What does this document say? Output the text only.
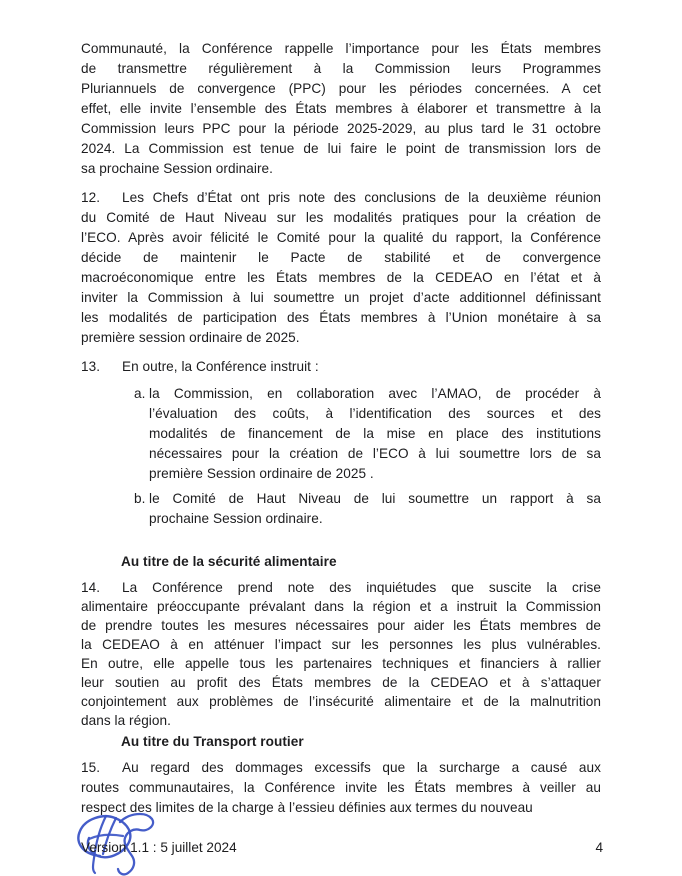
Communauté, la Conférence rappelle l’importance pour les États membres
de transmettre régulièrement à la Commission leurs Programmes
Pluriannuels de convergence (PPC) pour les périodes concernées. A cet
effet, elle invite l’ensemble des États membres à élaborer et transmettre à la
Commission leurs PPC pour la période 2025-2029, au plus tard le 31 octobre
2024. La Commission est tenue de lui faire le point de transmission lors de
sa prochaine Session ordinaire.
12. Les Chefs d’État ont pris note des conclusions de la deuxième réunion
du Comité de Haut Niveau sur les modalités pratiques pour la création de
l’ECO. Après avoir félicité le Comité pour la qualité du rapport, la Conférence
décide de maintenir le Pacte de stabilité et de convergence
macroéconomique entre les États membres de la CEDEAO en l’état et à
inviter la Commission à lui soumettre un projet d’acte additionnel définissant
les modalités de participation des États membres à l’Union monétaire à sa
première session ordinaire de 2025.
13. En outre, la Conférence instruit :
a. la Commission, en collaboration avec l’AMAO, de procéder à
l’évaluation des coûts, à l’identification des sources et des
modalités de financement de la mise en place des institutions
nécessaires pour la création de l’ECO à lui soumettre lors de sa
première Session ordinaire de 2025 .
b. le Comité de Haut Niveau de lui soumettre un rapport à sa
prochaine Session ordinaire.
Au titre de la sécurité alimentaire
14. La Conférence prend note des inquiétudes que suscite la crise
alimentaire préoccupante prévalant dans la région et a instruit la Commission
de prendre toutes les mesures nécessaires pour aider les États membres de
la CEDEAO à en atténuer l’impact sur les personnes les plus vulnérables.
En outre, elle appelle tous les partenaires techniques et financiers à rallier
leur soutien au profit des États membres de la CEDEAO et à s’attaquer
conjointement aux problèmes de l’insécurité alimentaire et de la malnutrition
dans la région.
Au titre du Transport routier
15. Au regard des dommages excessifs que la surcharge a causé aux
routes communautaires, la Conférence invite les États membres à veiller au
respect des limites de la charge à l’essieu définies aux termes du nouveau
Version 1.1 : 5 juillet 2024	4
